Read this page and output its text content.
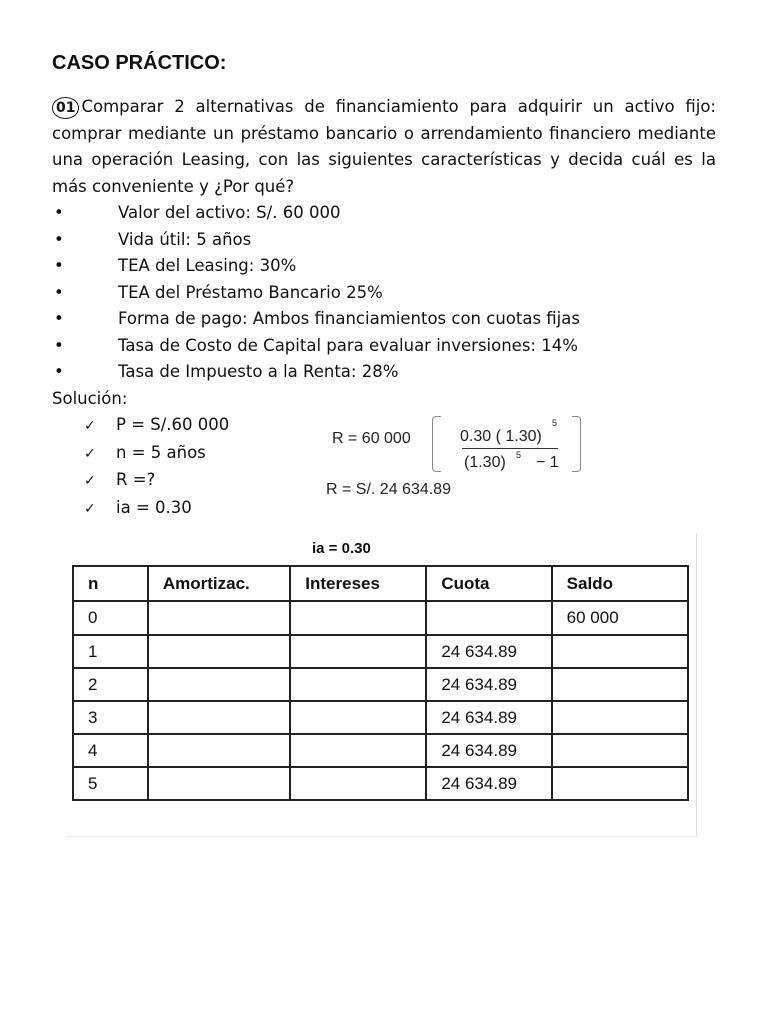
CASO PRÁCTICO:
01 Comparar 2 alternativas de financiamiento para adquirir un activo fijo: comprar mediante un préstamo bancario o arrendamiento financiero mediante una operación Leasing, con las siguientes características y decida cuál es la más conveniente y ¿Por qué?
•	Valor del activo: S/. 60 000
•	Vida útil: 5 años
•	TEA del Leasing: 30%
•	TEA del Préstamo Bancario 25%
•	Forma de pago: Ambos financiamientos con cuotas fijas
•	Tasa de Costo de Capital para evaluar inversiones: 14%
•	Tasa de Impuesto a la Renta: 28%
Solución:
✓ P = S/.60 000
✓ n = 5 años
✓ R =?
✓ ia = 0.30
R = 60 000	0.30 ( 1.30)
5
(1.30) 5 − 1
R = S/. 24 634.89
ia = 0.30
n	Amortizac.	Intereses	Cuota	Saldo
0				60 000
1			24 634.89	
2			24 634.89	
3			24 634.89	
4			24 634.89	
5			24 634.89	
